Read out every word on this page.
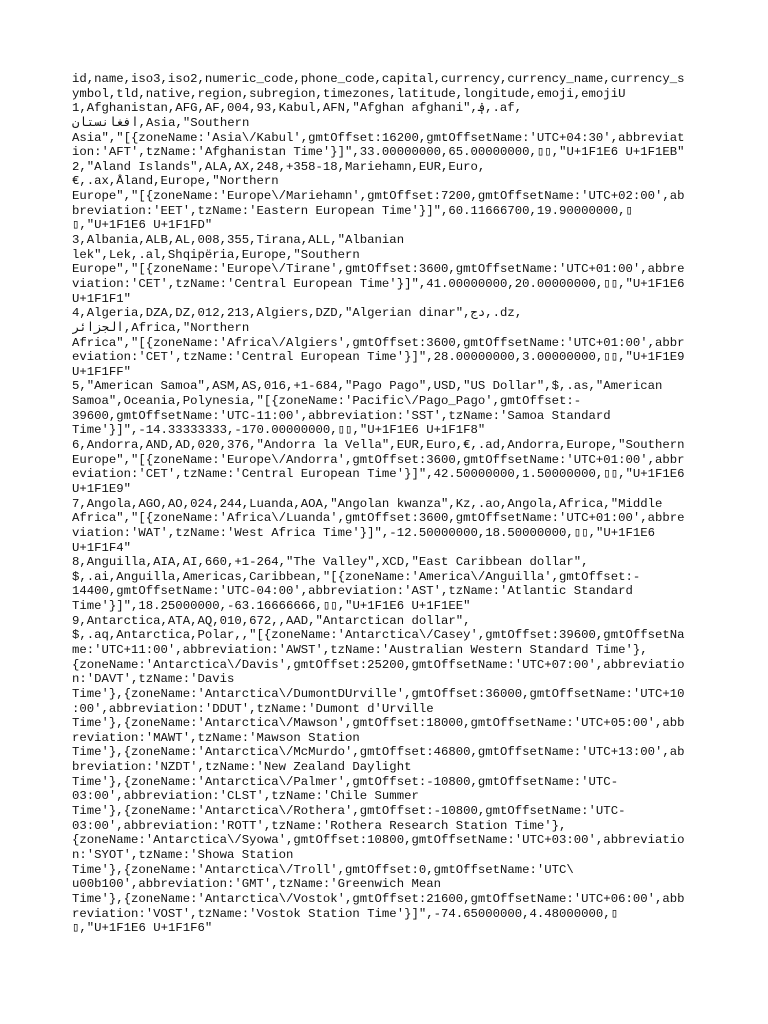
id,name,iso3,iso2,numeric_code,phone_code,capital,currency,currency_name,currency_s
ymbol,tld,native,region,subregion,timezones,latitude,longitude,emoji,emojiU
1,Afghanistan,AFG,AF,004,93,Kabul,AFN,"Afghan afghani",؋,.af,
افغانستان,Asia,"Southern
Asia","[{zoneName:'Asia\/Kabul',gmtOffset:16200,gmtOffsetName:'UTC+04:30',abbreviat
ion:'AFT',tzName:'Afghanistan Time'}]",33.00000000,65.00000000,▯▯,"U+1F1E6 U+1F1EB"
2,"Aland Islands",ALA,AX,248,+358-18,Mariehamn,EUR,Euro,
€,.ax,Åland,Europe,"Northern
Europe","[{zoneName:'Europe\/Mariehamn',gmtOffset:7200,gmtOffsetName:'UTC+02:00',ab
breviation:'EET',tzName:'Eastern European Time'}]",60.11666700,19.90000000,▯
▯,"U+1F1E6 U+1F1FD"
3,Albania,ALB,AL,008,355,Tirana,ALL,"Albanian
lek",Lek,.al,Shqipëria,Europe,"Southern
Europe","[{zoneName:'Europe\/Tirane',gmtOffset:3600,gmtOffsetName:'UTC+01:00',abbre
viation:'CET',tzName:'Central European Time'}]",41.00000000,20.00000000,▯▯,"U+1F1E6
U+1F1F1"
4,Algeria,DZA,DZ,012,213,Algiers,DZD,"Algerian dinar",دج,.dz,
الجزائر,Africa,"Northern
Africa","[{zoneName:'Africa\/Algiers',gmtOffset:3600,gmtOffsetName:'UTC+01:00',abbr
eviation:'CET',tzName:'Central European Time'}]",28.00000000,3.00000000,▯▯,"U+1F1E9
U+1F1FF"
5,"American Samoa",ASM,AS,016,+1-684,"Pago Pago",USD,"US Dollar",$,.as,"American
Samoa",Oceania,Polynesia,"[{zoneName:'Pacific\/Pago_Pago',gmtOffset:-
39600,gmtOffsetName:'UTC-11:00',abbreviation:'SST',tzName:'Samoa Standard
Time'}]",-14.33333333,-170.00000000,▯▯,"U+1F1E6 U+1F1F8"
6,Andorra,AND,AD,020,376,"Andorra la Vella",EUR,Euro,€,.ad,Andorra,Europe,"Southern
Europe","[{zoneName:'Europe\/Andorra',gmtOffset:3600,gmtOffsetName:'UTC+01:00',abbr
eviation:'CET',tzName:'Central European Time'}]",42.50000000,1.50000000,▯▯,"U+1F1E6
U+1F1E9"
7,Angola,AGO,AO,024,244,Luanda,AOA,"Angolan kwanza",Kz,.ao,Angola,Africa,"Middle
Africa","[{zoneName:'Africa\/Luanda',gmtOffset:3600,gmtOffsetName:'UTC+01:00',abbre
viation:'WAT',tzName:'West Africa Time'}]",-12.50000000,18.50000000,▯▯,"U+1F1E6
U+1F1F4"
8,Anguilla,AIA,AI,660,+1-264,"The Valley",XCD,"East Caribbean dollar",
$,.ai,Anguilla,Americas,Caribbean,"[{zoneName:'America\/Anguilla',gmtOffset:-
14400,gmtOffsetName:'UTC-04:00',abbreviation:'AST',tzName:'Atlantic Standard
Time'}]",18.25000000,-63.16666666,▯▯,"U+1F1E6 U+1F1EE"
9,Antarctica,ATA,AQ,010,672,,AAD,"Antarctican dollar",
$,.aq,Antarctica,Polar,,"[{zoneName:'Antarctica\/Casey',gmtOffset:39600,gmtOffsetNa
me:'UTC+11:00',abbreviation:'AWST',tzName:'Australian Western Standard Time'},
{zoneName:'Antarctica\/Davis',gmtOffset:25200,gmtOffsetName:'UTC+07:00',abbreviatio
n:'DAVT',tzName:'Davis
Time'},{zoneName:'Antarctica\/DumontDUrville',gmtOffset:36000,gmtOffsetName:'UTC+10
:00',abbreviation:'DDUT',tzName:'Dumont d'Urville
Time'},{zoneName:'Antarctica\/Mawson',gmtOffset:18000,gmtOffsetName:'UTC+05:00',abb
reviation:'MAWT',tzName:'Mawson Station
Time'},{zoneName:'Antarctica\/McMurdo',gmtOffset:46800,gmtOffsetName:'UTC+13:00',ab
breviation:'NZDT',tzName:'New Zealand Daylight
Time'},{zoneName:'Antarctica\/Palmer',gmtOffset:-10800,gmtOffsetName:'UTC-
03:00',abbreviation:'CLST',tzName:'Chile Summer
Time'},{zoneName:'Antarctica\/Rothera',gmtOffset:-10800,gmtOffsetName:'UTC-
03:00',abbreviation:'ROTT',tzName:'Rothera Research Station Time'},
{zoneName:'Antarctica\/Syowa',gmtOffset:10800,gmtOffsetName:'UTC+03:00',abbreviatio
n:'SYOT',tzName:'Showa Station
Time'},{zoneName:'Antarctica\/Troll',gmtOffset:0,gmtOffsetName:'UTC\
u00b100',abbreviation:'GMT',tzName:'Greenwich Mean
Time'},{zoneName:'Antarctica\/Vostok',gmtOffset:21600,gmtOffsetName:'UTC+06:00',abb
reviation:'VOST',tzName:'Vostok Station Time'}]",-74.65000000,4.48000000,▯
▯,"U+1F1E6 U+1F1F6"
